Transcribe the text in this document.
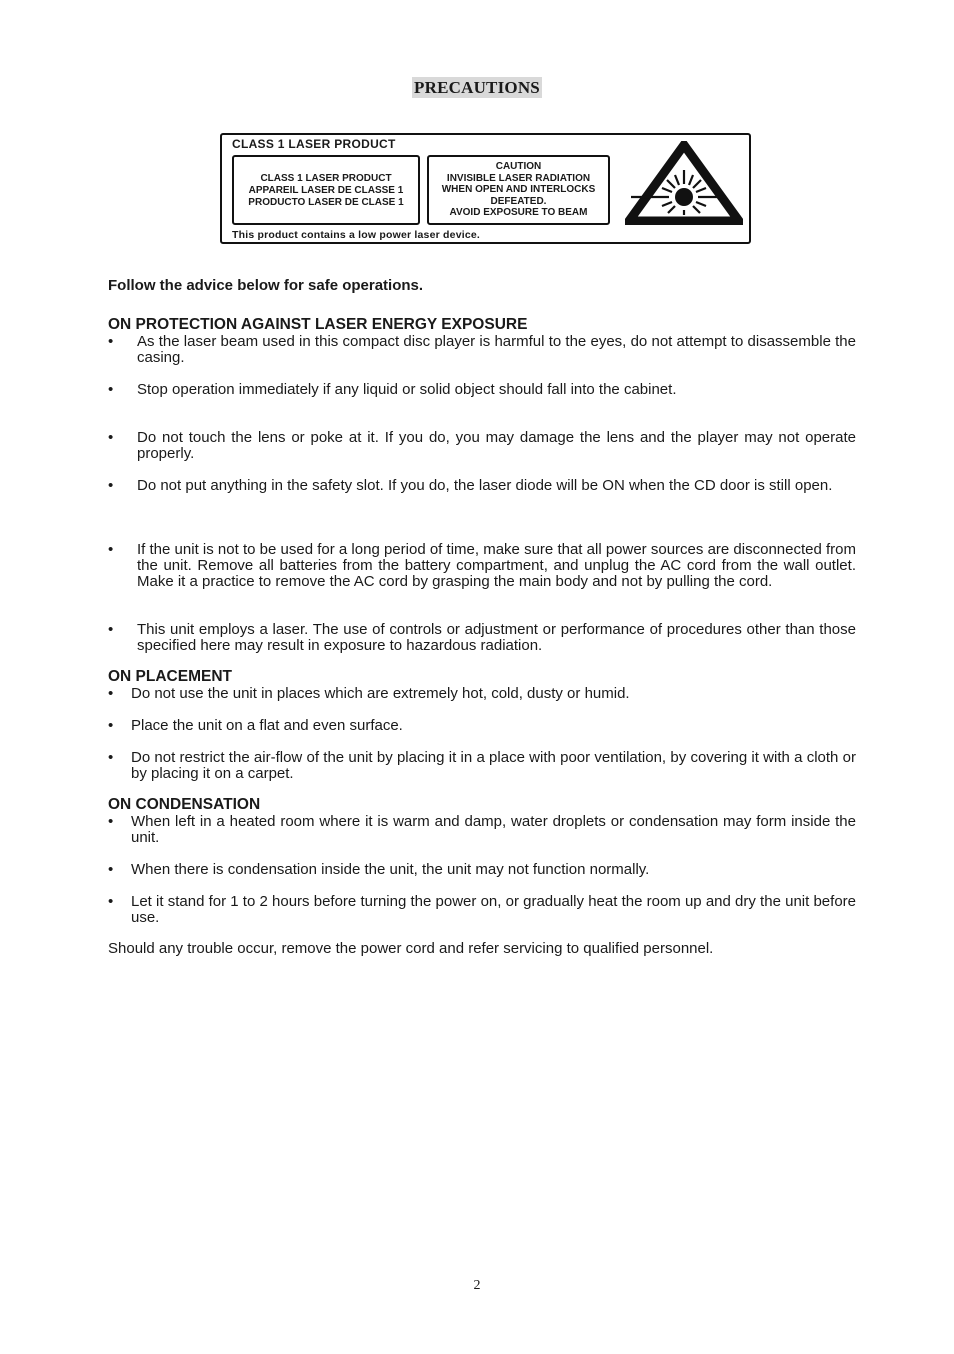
PRECAUTIONS
CLASS 1 LASER PRODUCT
CLASS 1 LASER PRODUCT
APPAREIL LASER DE CLASSE 1
PRODUCTO LASER DE CLASE 1
CAUTION
INVISIBLE LASER RADIATION
WHEN OPEN AND INTERLOCKS
DEFEATED.
AVOID EXPOSURE TO BEAM
This product contains a low power laser device.
Follow the advice below for safe operations.
ON PROTECTION AGAINST LASER ENERGY EXPOSURE
• As the laser beam used in this compact disc player is harmful to the eyes, do not attempt to disassemble the casing.
• Stop operation immediately if any liquid or solid object should fall into the cabinet.
• Do not touch the lens or poke at it. If you do, you may damage the lens and the player may not operate properly.
• Do not put anything in the safety slot. If you do, the laser diode will be ON when the CD door is still open.
• If the unit is not to be used for a long period of time, make sure that all power sources are disconnected from the unit. Remove all batteries from the battery compartment, and unplug the AC cord from the wall outlet. Make it a practice to remove the AC cord by grasping the main body and not by pulling the cord.
• This unit employs a laser. The use of controls or adjustment or performance of procedures other than those specified here may result in exposure to hazardous radiation.
ON PLACEMENT
• Do not use the unit in places which are extremely hot, cold, dusty or humid.
• Place the unit on a flat and even surface.
• Do not restrict the air-flow of the unit by placing it in a place with poor ventilation, by covering it with a cloth or by placing it on a carpet.
ON CONDENSATION
• When left in a heated room where it is warm and damp, water droplets or condensation may form inside the unit.
• When there is condensation inside the unit, the unit may not function normally.
• Let it stand for 1 to 2 hours before turning the power on, or gradually heat the room up and dry the unit before use.
Should any trouble occur, remove the power cord and refer servicing to qualified personnel.
2
